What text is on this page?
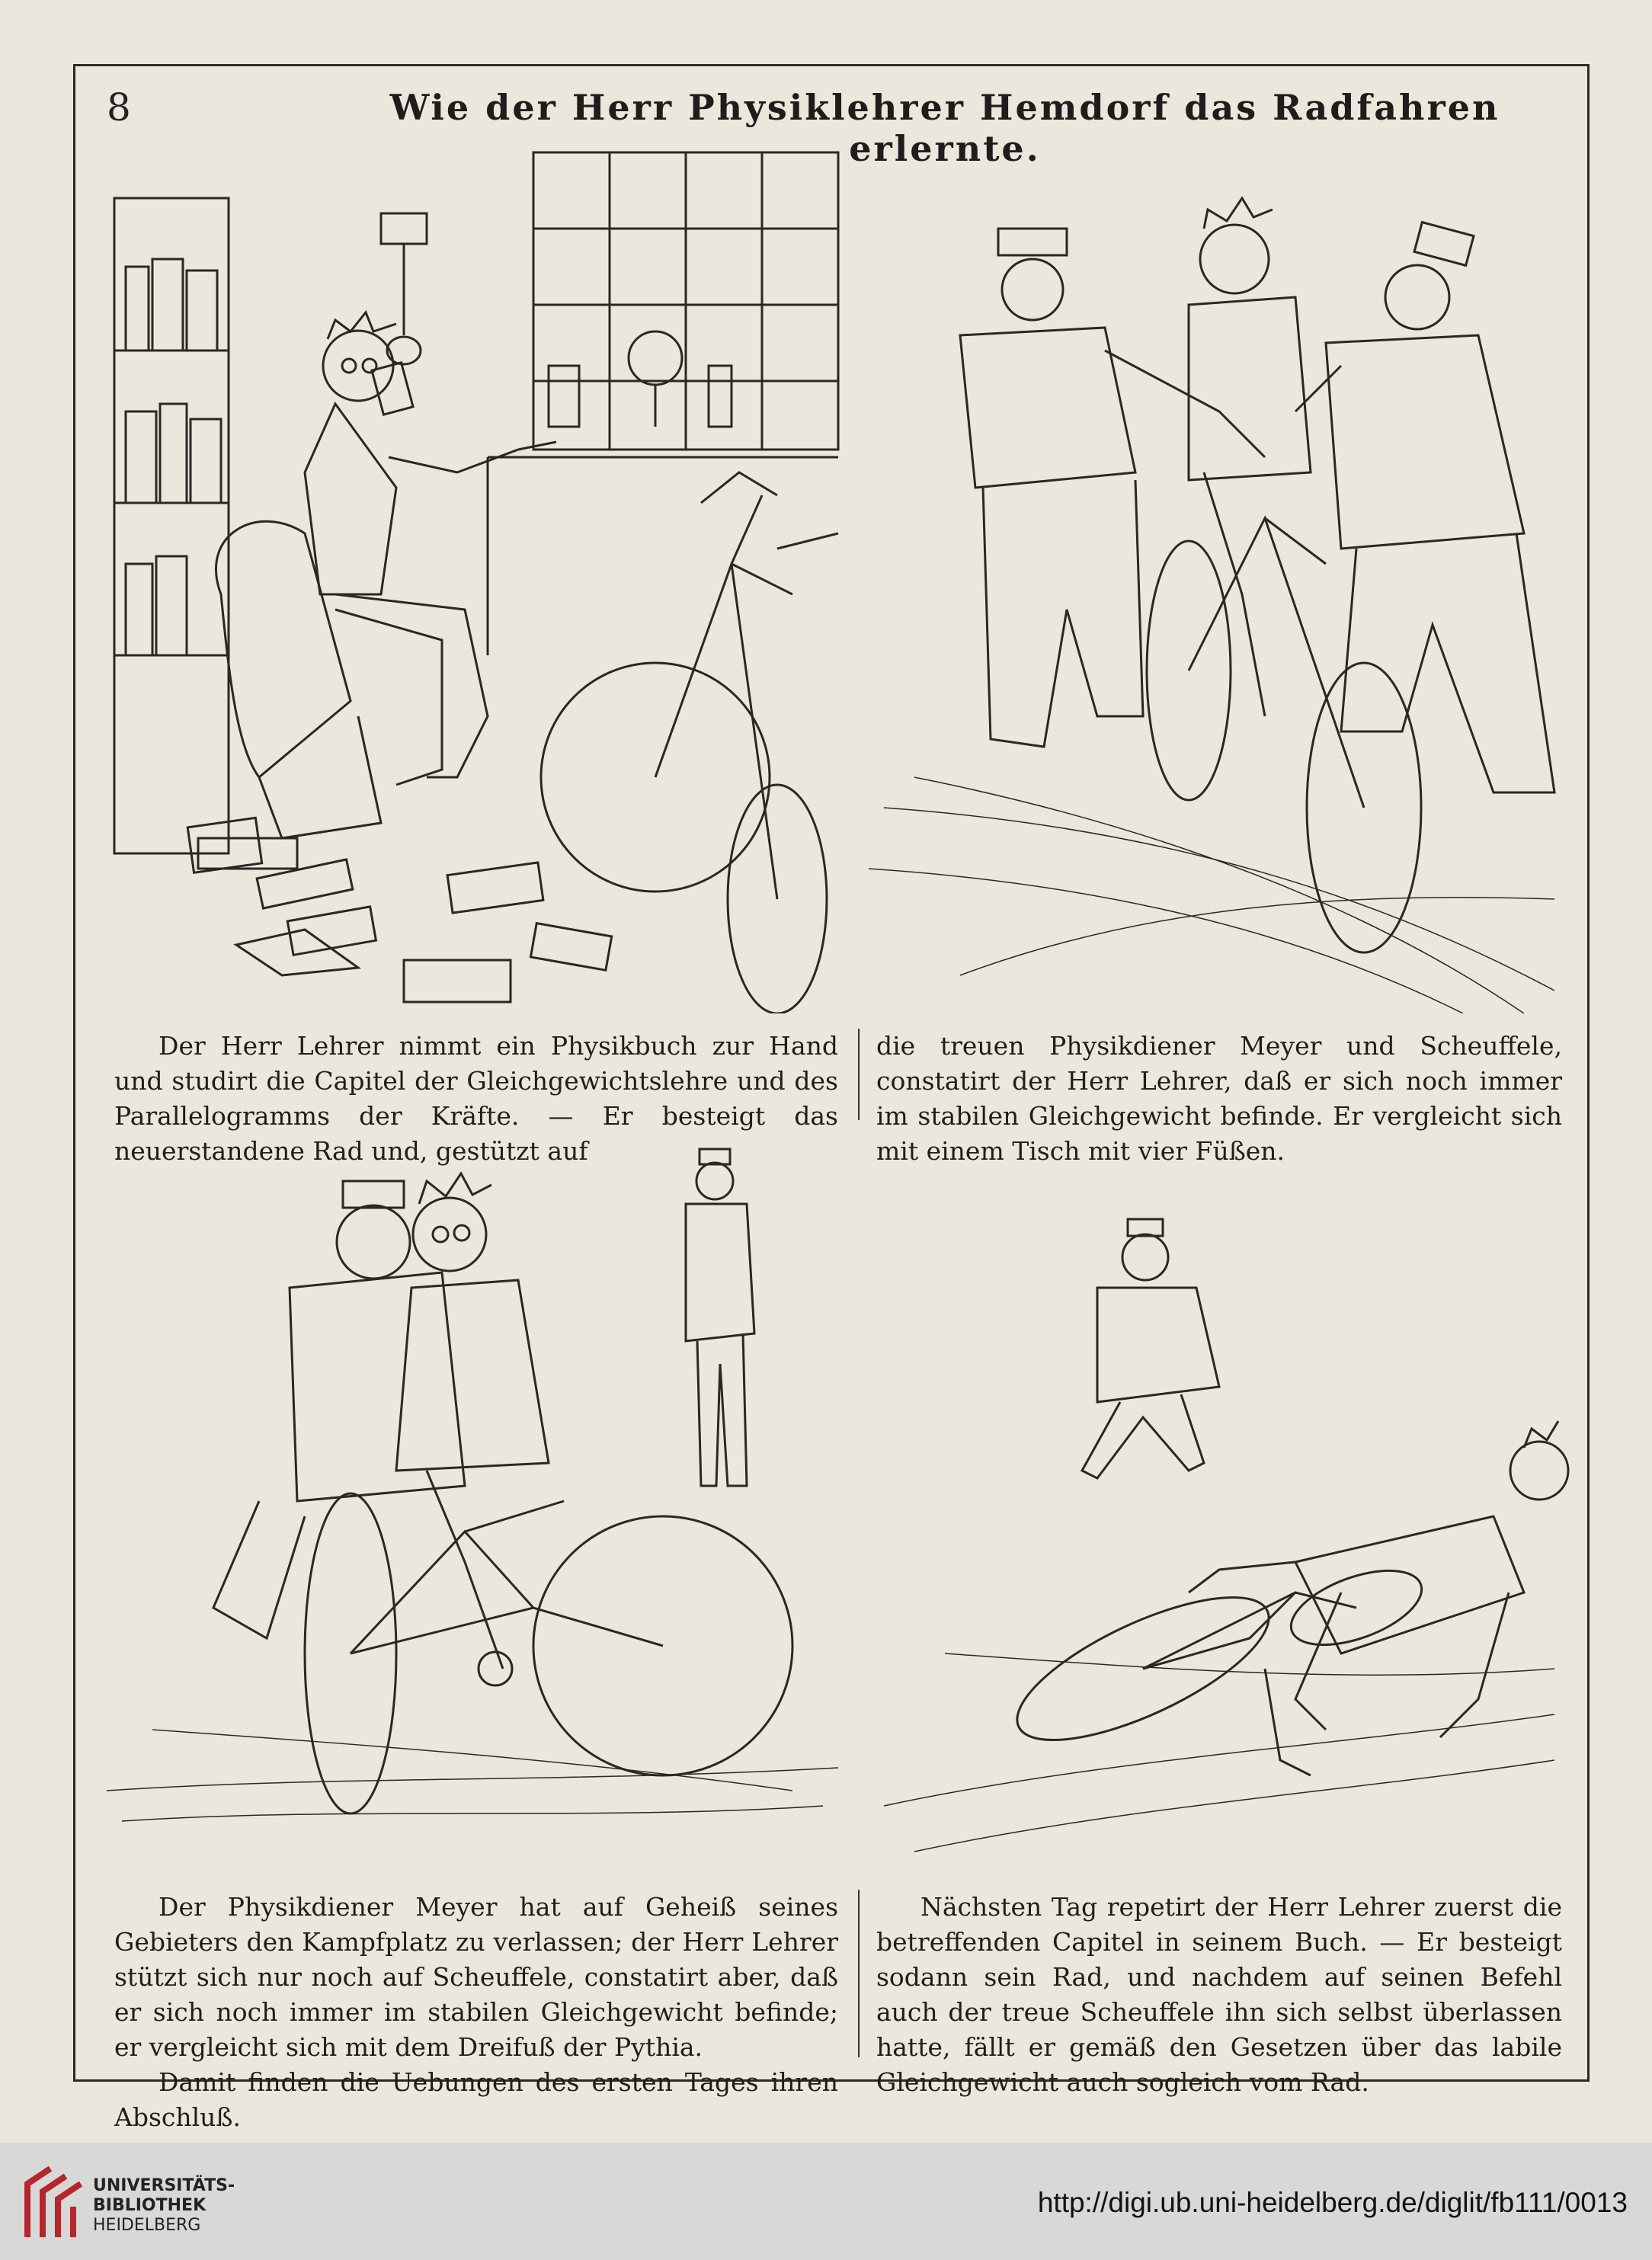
8	Wie der Herr Physiklehrer Hemdorf das Radfahren erlernte.

Der Herr Lehrer nimmt ein Physikbuch zur Hand und studirt die Capitel der Gleichgewichtslehre und des Parallelogramms der Kräfte. — Er besteigt das neuerstandene Rad und, gestützt auf

die treuen Physikdiener Meyer und Scheuffele, constatirt der Herr Lehrer, daß er sich noch immer im stabilen Gleichgewicht befinde. Er vergleicht sich mit einem Tisch mit vier Füßen.

Der Physikdiener Meyer hat auf Geheiß seines Gebieters den Kampfplatz zu verlassen; der Herr Lehrer stützt sich nur noch auf Scheuffele, constatirt aber, daß er sich noch immer im stabilen Gleichgewicht befinde; er vergleicht sich mit dem Dreifuß der Pythia.

Damit finden die Uebungen des ersten Tages ihren Abschluß.

Nächsten Tag repetirt der Herr Lehrer zuerst die betreffenden Capitel in seinem Buch. — Er besteigt sodann sein Rad, und nachdem auf seinen Befehl auch der treue Scheuffele ihn sich selbst überlassen hatte, fällt er gemäß den Gesetzen über das labile Gleichgewicht auch sogleich vom Rad.

UNIVERSITÄTS-
BIBLIOTHEK
HEIDELBERG
http://digi.ub.uni-heidelberg.de/diglit/fb111/0013
